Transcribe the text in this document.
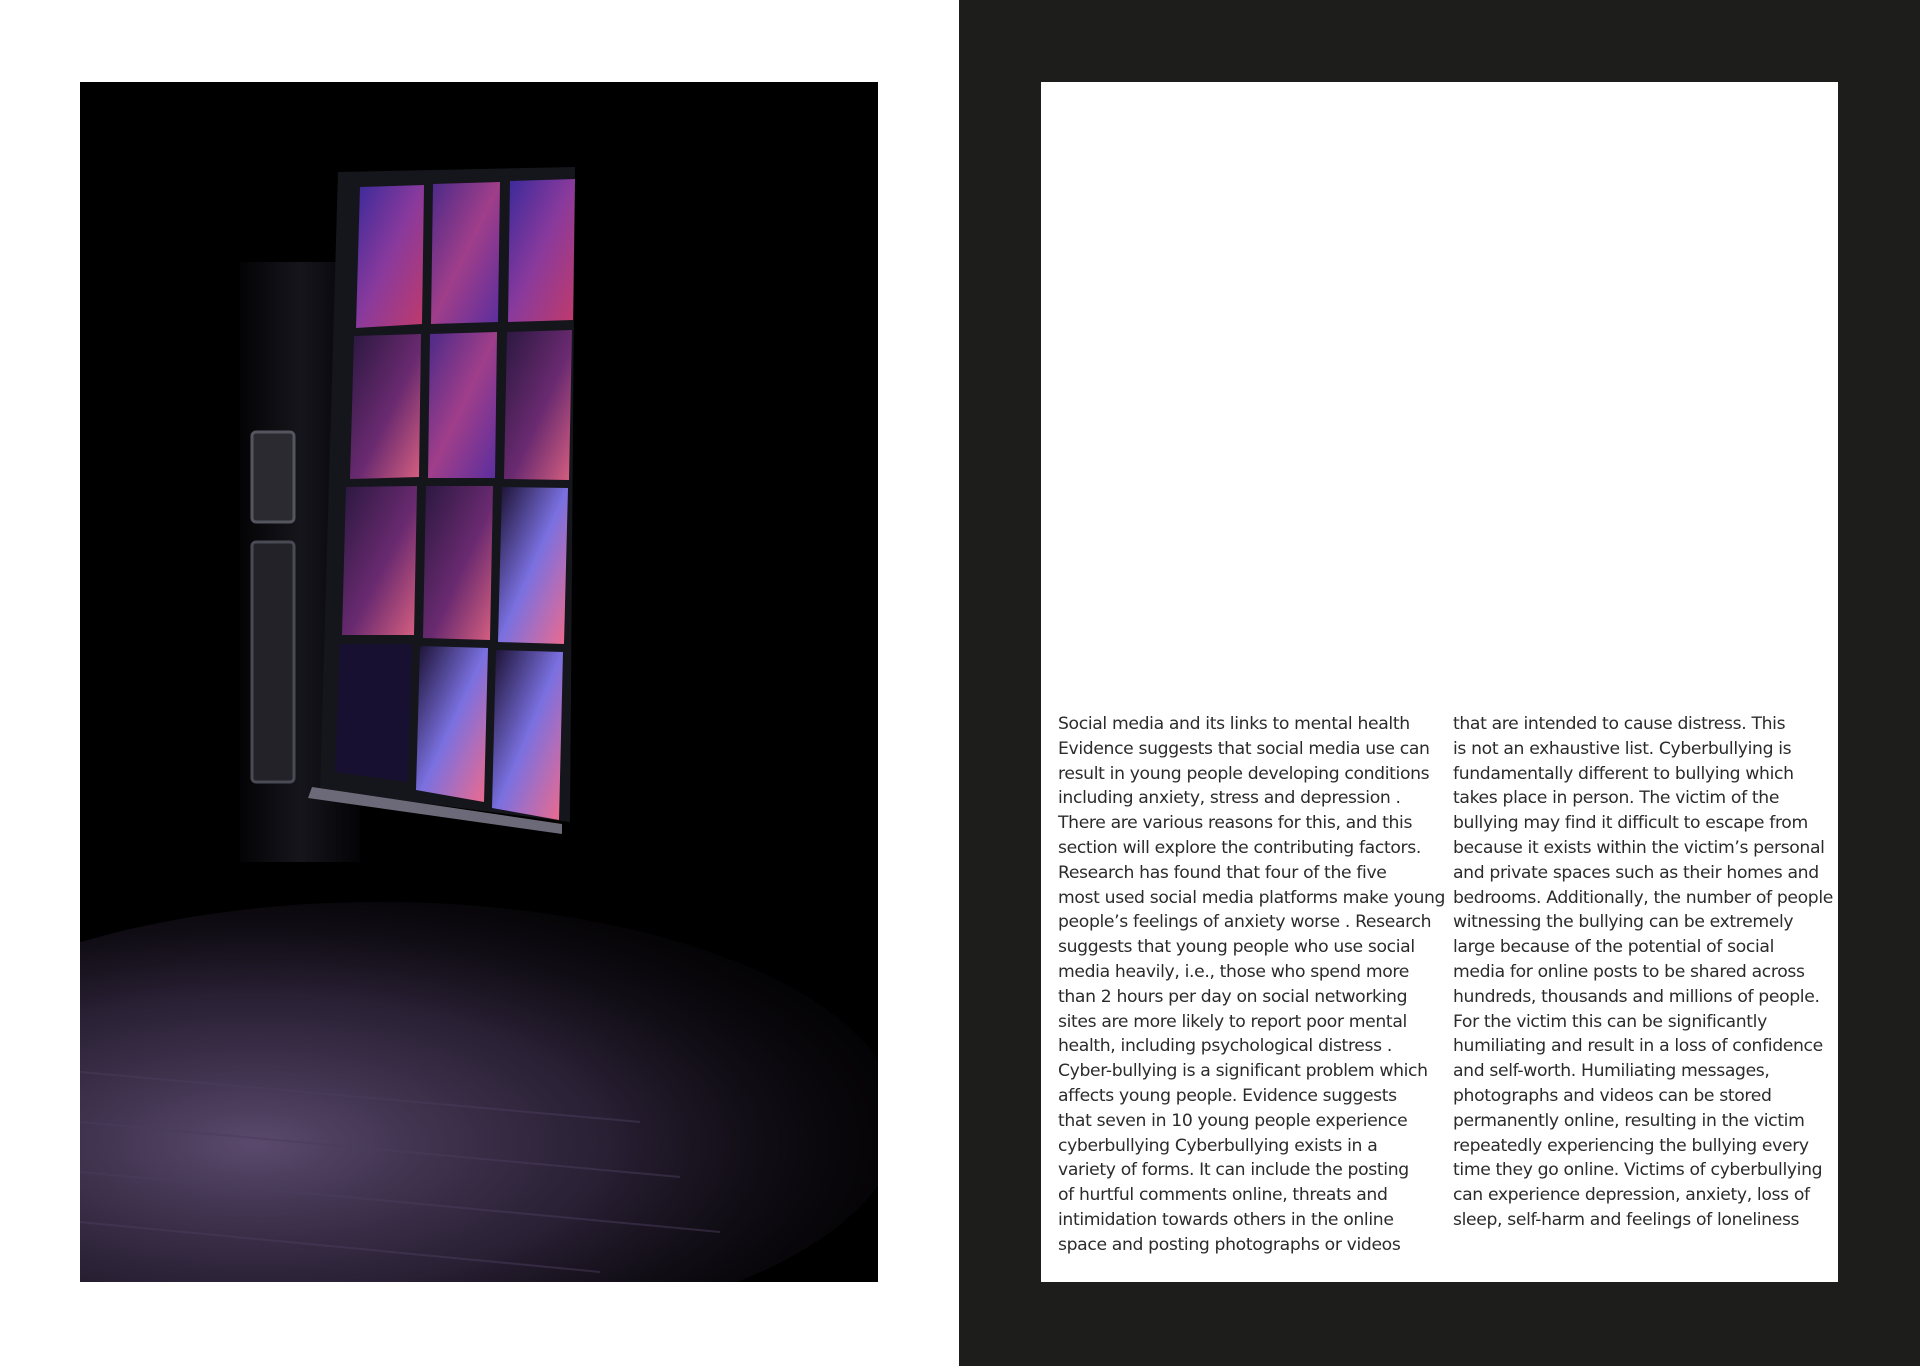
Social media and its links to mental health
Evidence suggests that social media use can
result in young people developing conditions
including anxiety, stress and depression .
There are various reasons for this, and this
section will explore the contributing factors.
Research has found that four of the five
most used social media platforms make young
people’s feelings of anxiety worse . Research
suggests that young people who use social
media heavily, i.e., those who spend more
than 2 hours per day on social networking
sites are more likely to report poor mental
health, including psychological distress .
Cyber-bullying is a significant problem which
affects young people. Evidence suggests
that seven in 10 young people experience
cyberbullying Cyberbullying exists in a
variety of forms. It can include the posting
of hurtful comments online, threats and
intimidation towards others in the online
space and posting photographs or videos
that are intended to cause distress. This
is not an exhaustive list. Cyberbullying is
fundamentally different to bullying which
takes place in person. The victim of the
bullying may find it difficult to escape from
because it exists within the victim’s personal
and private spaces such as their homes and
bedrooms. Additionally, the number of people
witnessing the bullying can be extremely
large because of the potential of social
media for online posts to be shared across
hundreds, thousands and millions of people.
For the victim this can be significantly
humiliating and result in a loss of confidence
and self-worth. Humiliating messages,
photographs and videos can be stored
permanently online, resulting in the victim
repeatedly experiencing the bullying every
time they go online. Victims of cyberbullying
can experience depression, anxiety, loss of
sleep, self-harm and feelings of loneliness
